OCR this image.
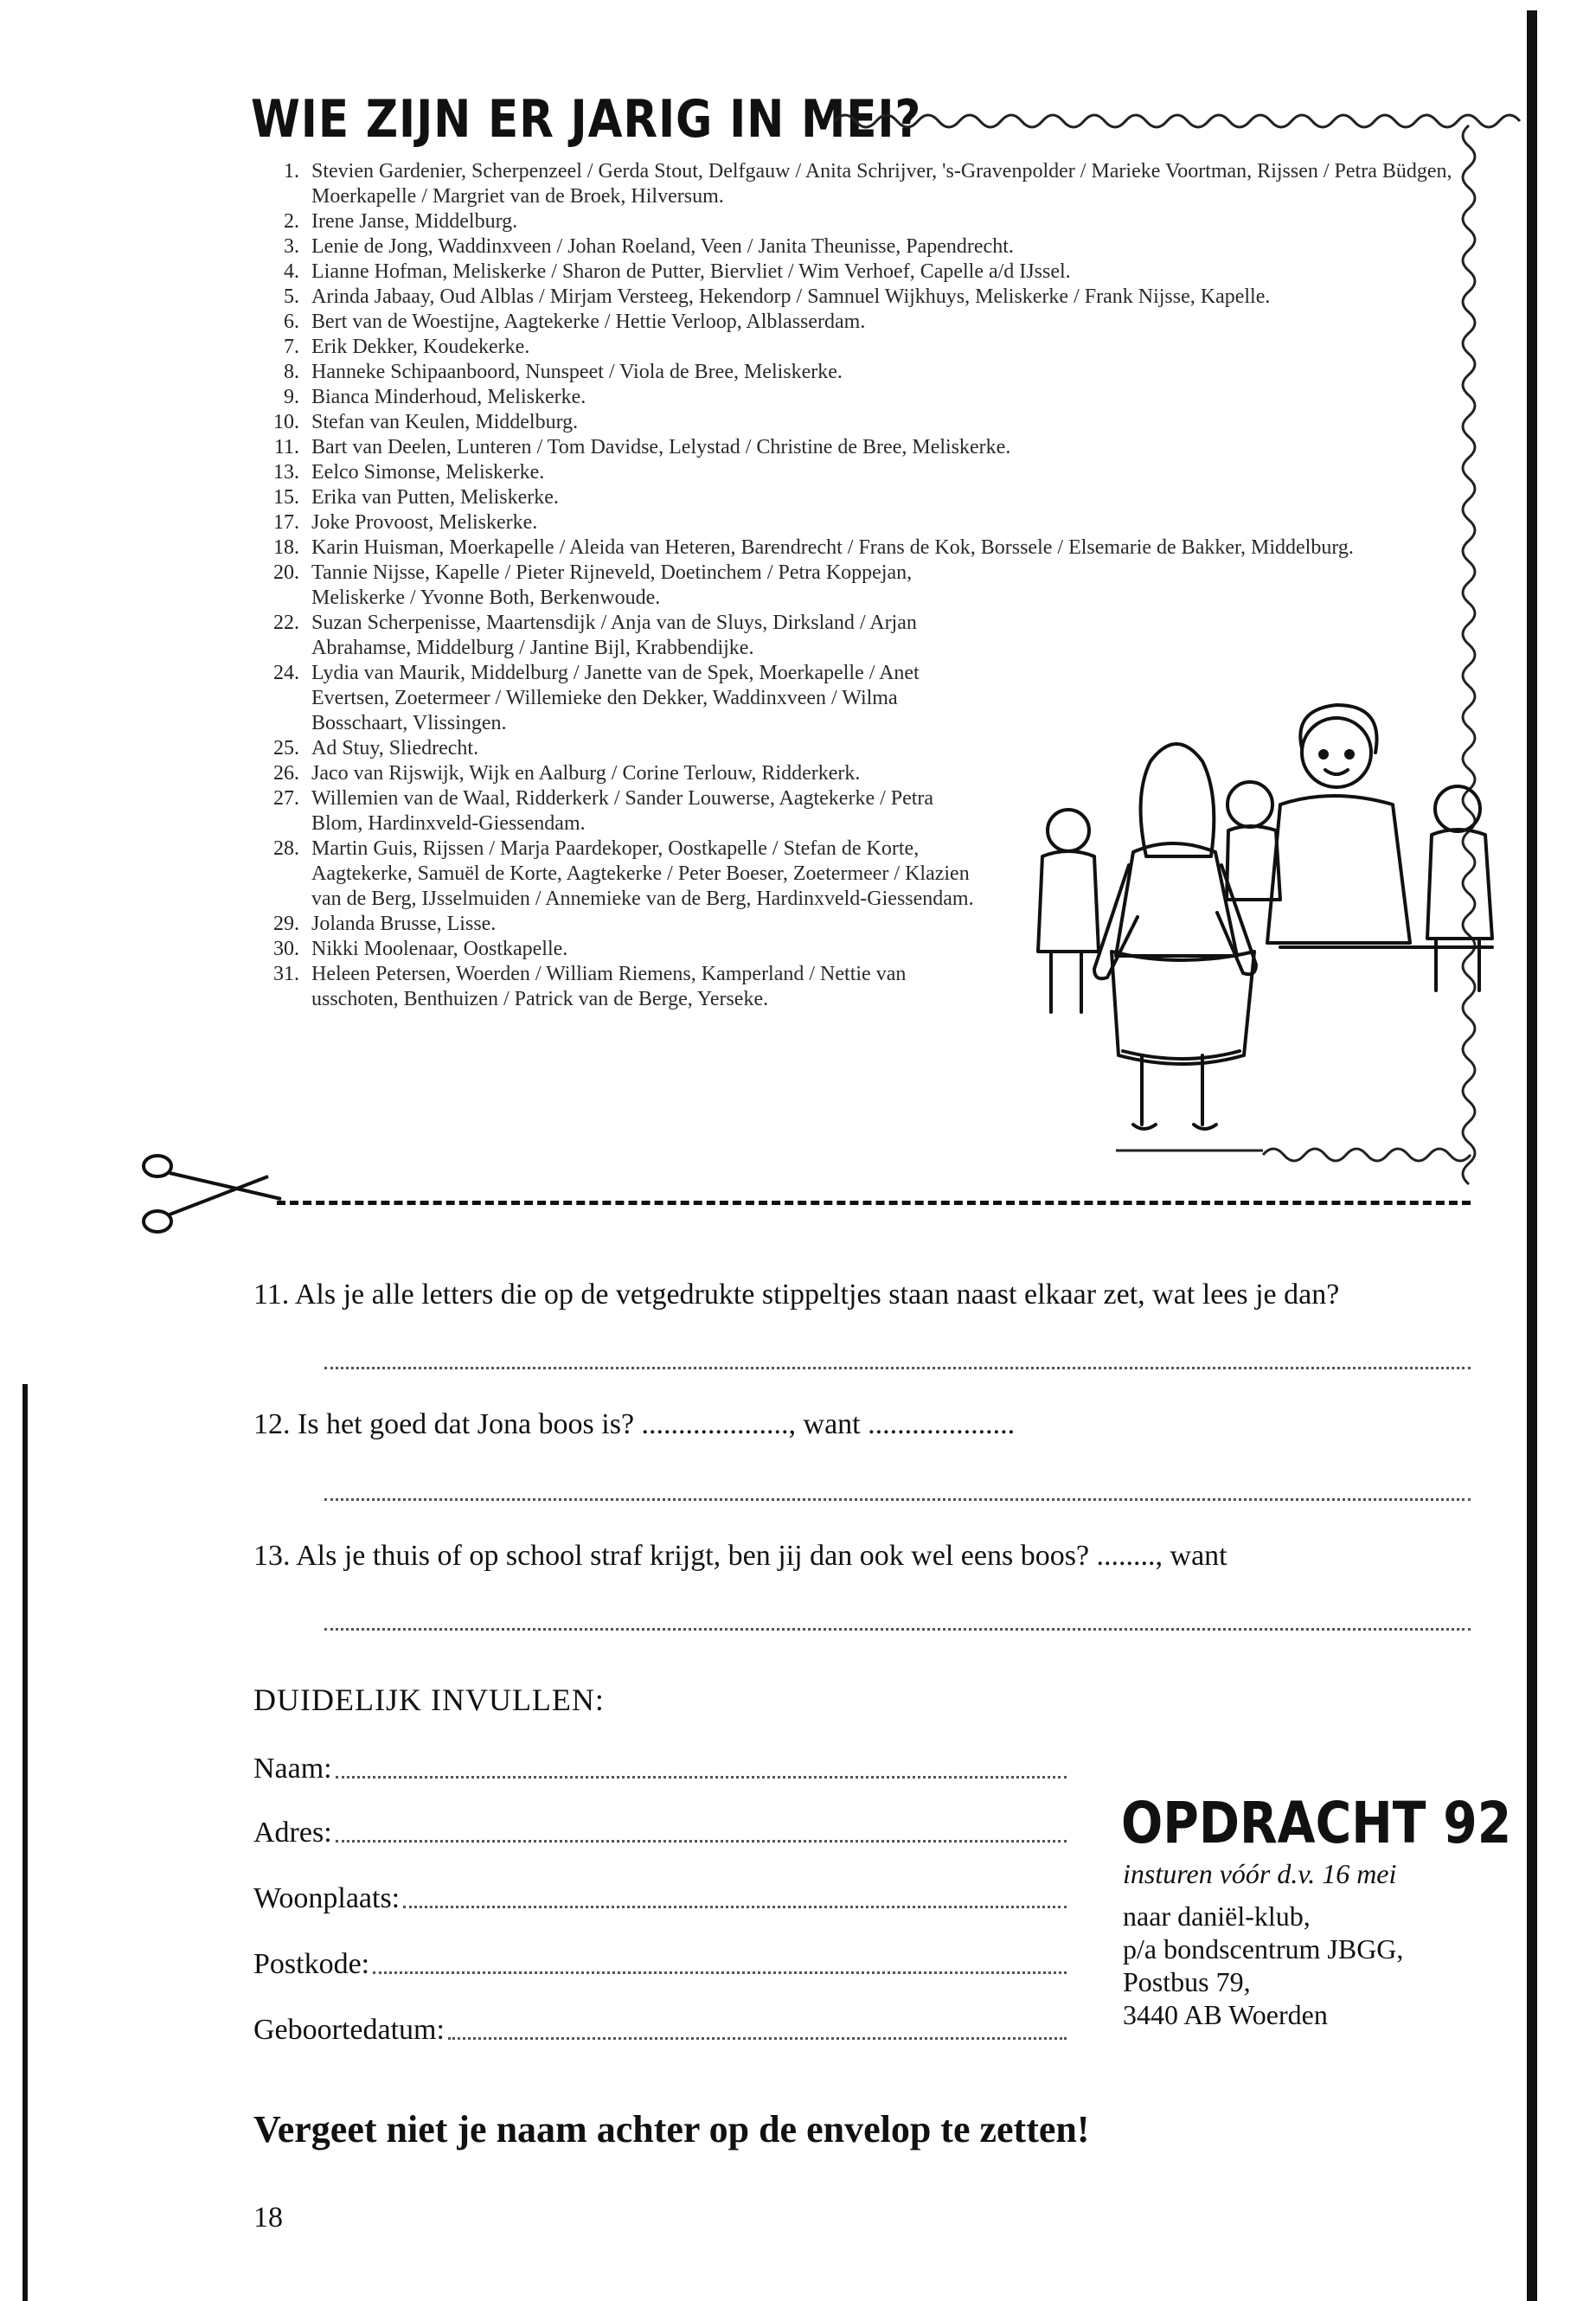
WIE ZIJN ER JARIG IN MEI?
1. Stevien Gardenier, Scherpenzeel / Gerda Stout, Delfgauw / Anita Schrijver, 's-Gravenpolder / Marieke Voortman, Rijssen / Petra Büdgen, Moerkapelle / Margriet van de Broek, Hilversum.
2. Irene Janse, Middelburg.
3. Lenie de Jong, Waddinxveen / Johan Roeland, Veen / Janita Theunisse, Papendrecht.
4. Lianne Hofman, Meliskerke / Sharon de Putter, Biervliet / Wim Verhoef, Capelle a/d IJssel.
5. Arinda Jabaay, Oud Alblas / Mirjam Versteeg, Hekendorp / Samnuel Wijkhuys, Meliskerke / Frank Nijsse, Kapelle.
6. Bert van de Woestijne, Aagtekerke / Hettie Verloop, Alblasserdam.
7. Erik Dekker, Koudekerke.
8. Hanneke Schipaanboord, Nunspeet / Viola de Bree, Meliskerke.
9. Bianca Minderhoud, Meliskerke.
10. Stefan van Keulen, Middelburg.
11. Bart van Deelen, Lunteren / Tom Davidse, Lelystad / Christine de Bree, Meliskerke.
13. Eelco Simonse, Meliskerke.
15. Erika van Putten, Meliskerke.
17. Joke Provoost, Meliskerke.
18. Karin Huisman, Moerkapelle / Aleida van Heteren, Barendrecht / Frans de Kok, Borssele / Elsemarie de Bakker, Middelburg.
20. Tannie Nijsse, Kapelle / Pieter Rijneveld, Doetinchem / Petra Koppejan, Meliskerke / Yvonne Both, Berkenwoude.
22. Suzan Scherpenisse, Maartensdijk / Anja van de Sluys, Dirksland / Arjan Abrahamse, Middelburg / Jantine Bijl, Krabbendijke.
24. Lydia van Maurik, Middelburg / Janette van de Spek, Moerkapelle / Anet Evertsen, Zoetermeer / Willemieke den Dekker, Waddinxveen / Wilma Bosschaart, Vlissingen.
25. Ad Stuy, Sliedrecht.
26. Jaco van Rijswijk, Wijk en Aalburg / Corine Terlouw, Ridderkerk.
27. Willemien van de Waal, Ridderkerk / Sander Louwerse, Aagtekerke / Petra Blom, Hardinxveld-Giessendam.
28. Martin Guis, Rijssen / Marja Paardekoper, Oostkapelle / Stefan de Korte, Aagtekerke, Samuël de Korte, Aagtekerke / Peter Boeser, Zoetermeer / Klazien van de Berg, IJsselmuiden / Annemieke van de Berg, Hardinxveld-Giessendam.
29. Jolanda Brusse, Lisse.
30. Nikki Moolenaar, Oostkapelle.
31. Heleen Petersen, Woerden / William Riemens, Kamperland / Nettie van usschoten, Benthuizen / Patrick van de Berge, Yerseke.
11. Als je alle letters die op de vetgedrukte stippeltjes staan naast elkaar zet, wat lees je dan?
12. Is het goed dat Jona boos is? ...................., want ....................
13. Als je thuis of op school straf krijgt, ben jij dan ook wel eens boos? ........, want
DUIDELIJK INVULLEN:
Naam:
Adres:
Woonplaats:
Postkode:
Geboortedatum:
OPDRACHT 92
insturen vóór d.v. 16 mei
naar daniël-klub,
p/a bondscentrum JBGG,
Postbus 79,
3440 AB Woerden
Vergeet niet je naam achter op de envelop te zetten!
18
